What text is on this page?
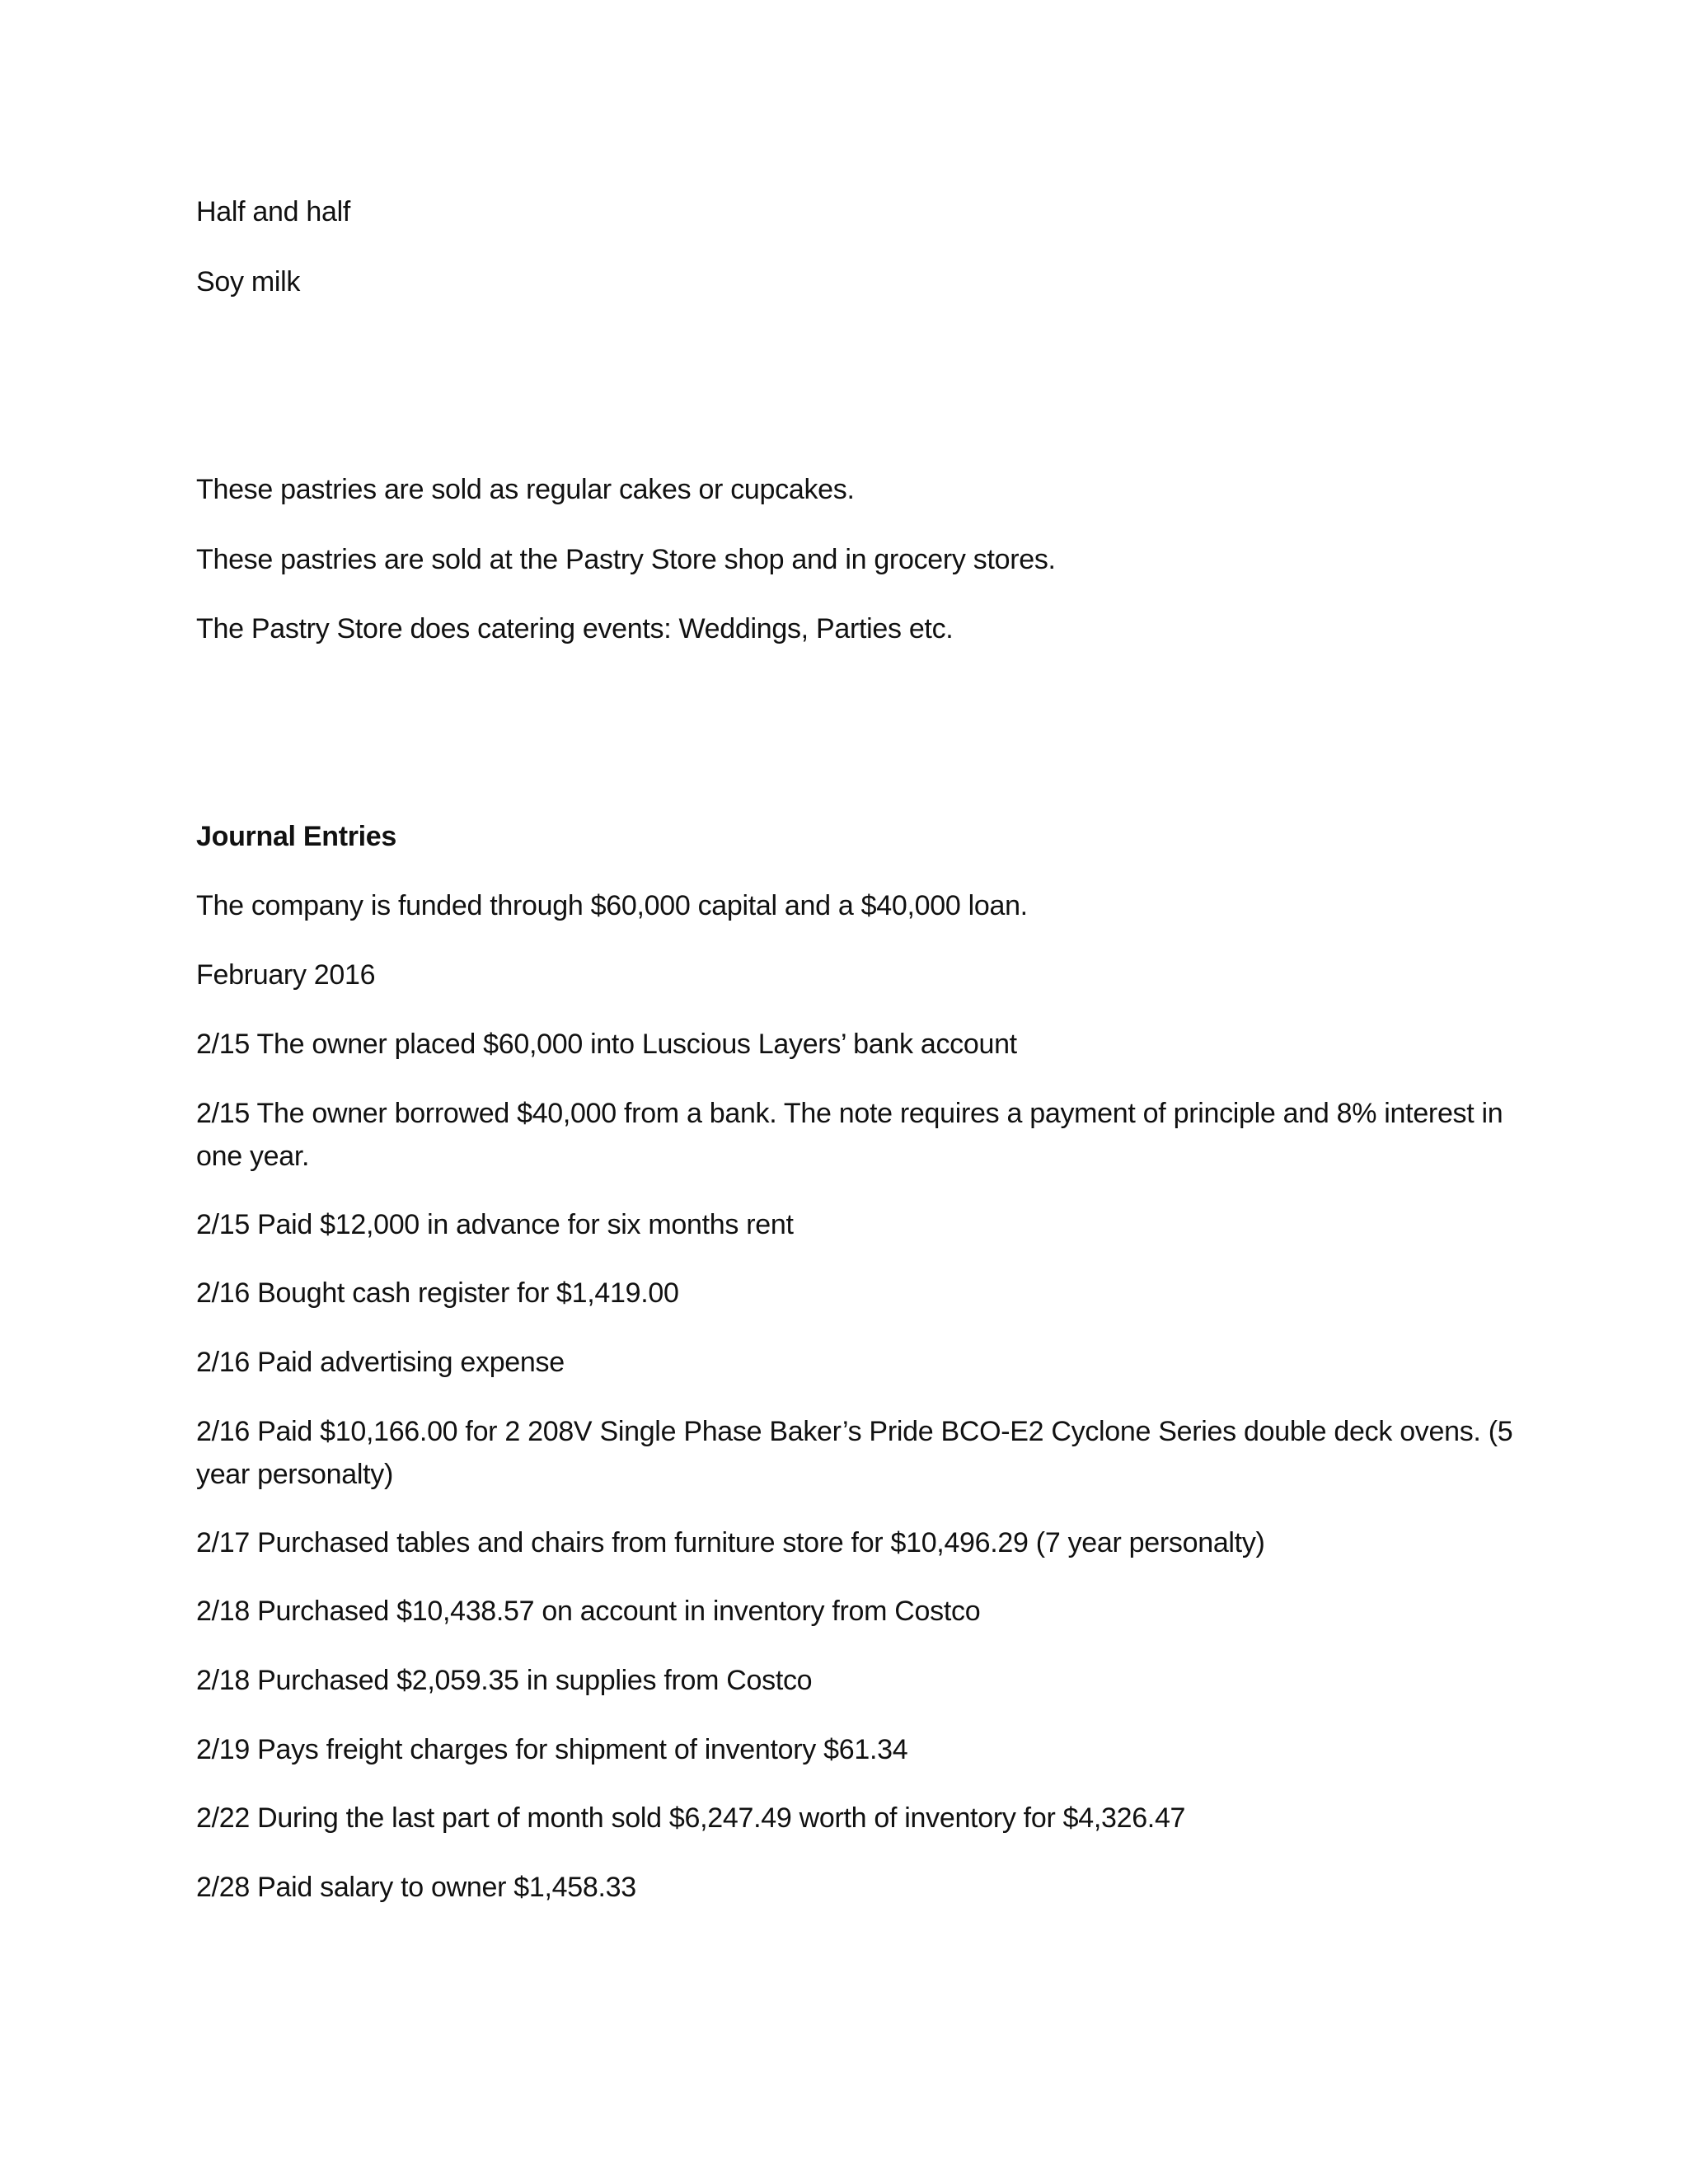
Half and half
Soy milk
These pastries are sold as regular cakes or cupcakes.
These pastries are sold at the Pastry Store shop and in grocery stores.
The Pastry Store does catering events: Weddings, Parties etc.
Journal Entries
The company is funded through $60,000 capital and a $40,000 loan.
February 2016
2/15 The owner placed $60,000 into Luscious Layers’ bank account
2/15 The owner borrowed $40,000 from a bank. The note requires a payment of principle and 8% interest in one year.
2/15 Paid $12,000 in advance for six months rent
2/16 Bought cash register for $1,419.00
2/16 Paid advertising expense
2/16 Paid $10,166.00 for 2 208V Single Phase Baker’s Pride BCO-E2 Cyclone Series double deck ovens. (5 year personalty)
2/17 Purchased tables and chairs from furniture store for $10,496.29 (7 year personalty)
2/18 Purchased $10,438.57 on account in inventory from Costco
2/18 Purchased $2,059.35 in supplies from Costco
2/19 Pays freight charges for shipment of inventory $61.34
2/22 During the last part of month sold $6,247.49 worth of inventory for $4,326.47
2/28 Paid salary to owner $1,458.33
